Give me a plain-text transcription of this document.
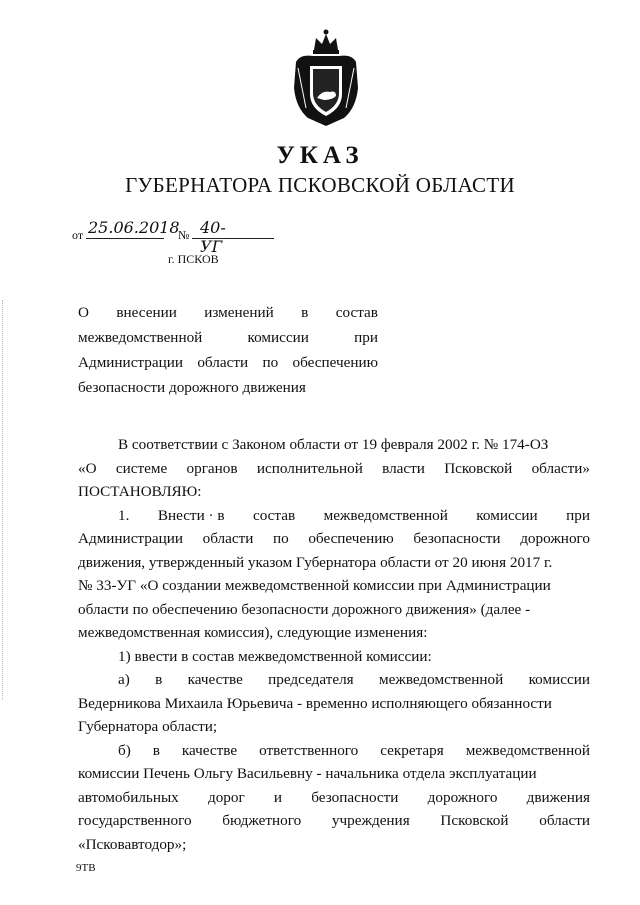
УКАЗ
ГУБЕРНАТОРА ПСКОВСКОЙ ОБЛАСТИ
от 25.06.2018
№ 40-УГ
г. ПСКОВ
О внесении изменений в состав
межведомственной	комиссии	при
Администрации области по обеспечению
безопасности дорожного движения
В соответствии с Законом области от 19 февраля 2002 г. № 174-ОЗ
«О системе органов исполнительной власти Псковской области»
ПОСТАНОВЛЯЮ:
1. Внести · в состав межведомственной комиссии при
Администрации области по обеспечению безопасности дорожного
движения, утвержденный указом Губернатора области от 20 июня 2017 г.
№ 33-УГ «О создании межведомственной комиссии при Администрации
области по обеспечению безопасности дорожного движения» (далее -
межведомственная комиссия), следующие изменения:
1) ввести в состав межведомственной комиссии:
а) в качестве председателя межведомственной комиссии
Ведерникова Михаила Юрьевича - временно исполняющего обязанности
Губернатора области;
б) в качестве ответственного секретаря межведомственной
комиссии Печень Ольгу Васильевну - начальника отдела эксплуатации
автомобильных дорог и безопасности дорожного движения
государственного бюджетного учреждения Псковской области
«Псковавтодор»;
9ТВ
